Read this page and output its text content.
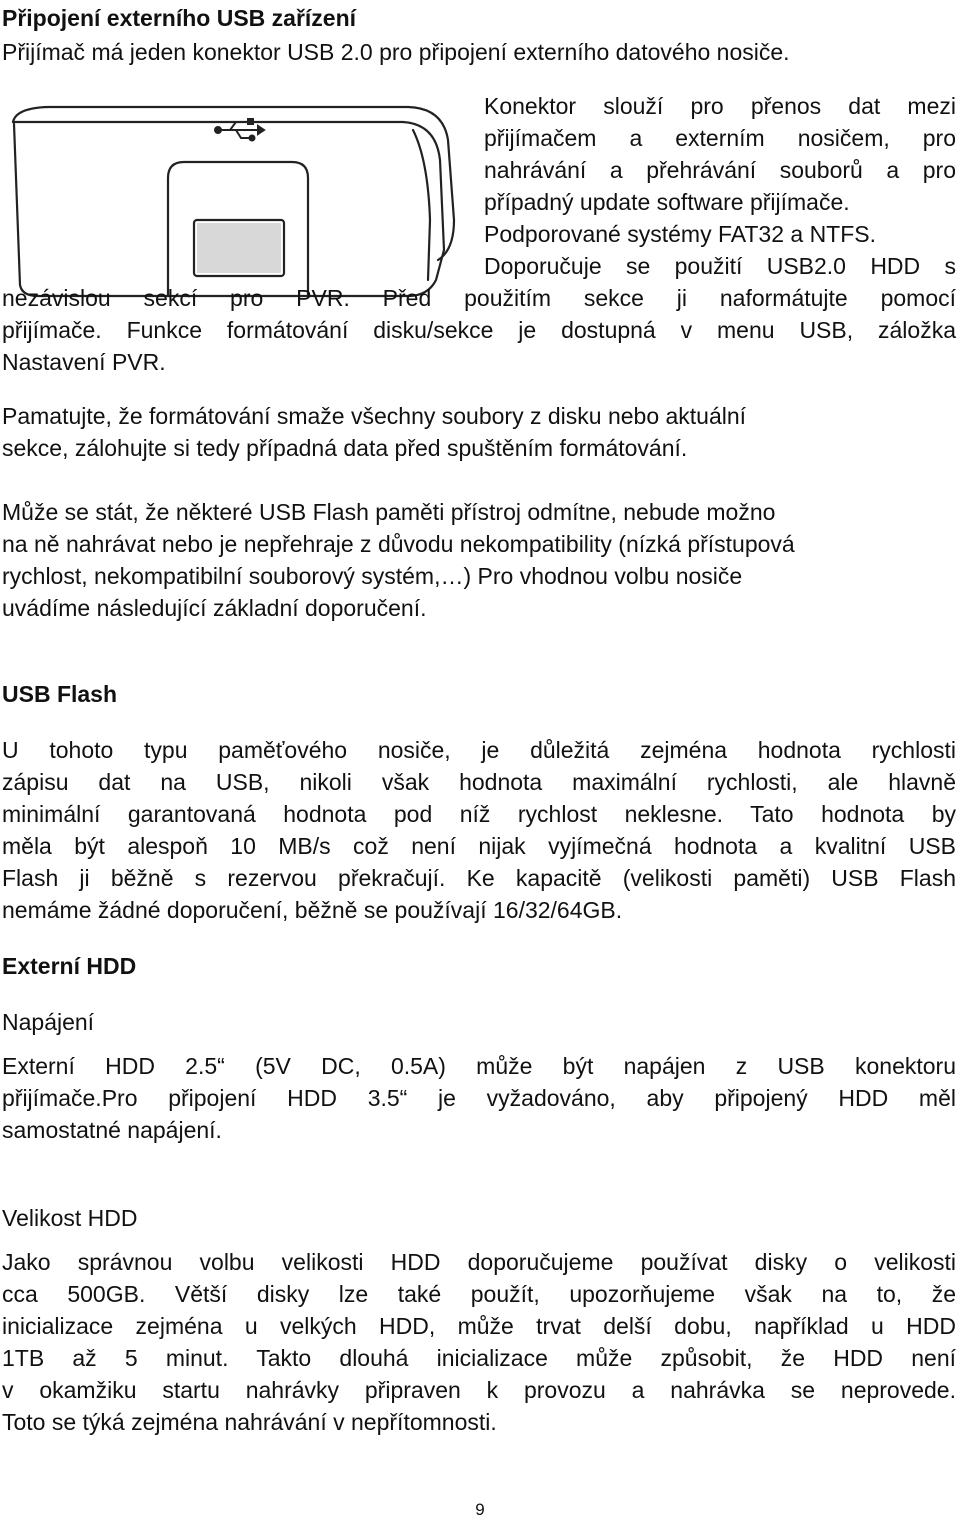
Připojení externího USB zařízení
Přijímač má jeden konektor USB 2.0 pro připojení externího datového nosiče.
Konektor slouží pro přenos dat mezi
přijímačem a externím nosičem, pro
nahrávání a přehrávání souborů a pro
případný update software přijímače.
Podporované systémy FAT32 a NTFS.
Doporučuje se použití USB2.0 HDD s
nezávislou sekcí pro PVR. Před použitím sekce ji naformátujte pomocí
přijímače. Funkce formátování disku/sekce je dostupná v menu USB, záložka
Nastavení PVR.
Pamatujte, že formátování smaže všechny soubory z disku nebo aktuální
sekce, zálohujte si tedy případná data před spuštěním formátování.
Může se stát, že některé USB Flash paměti přístroj odmítne, nebude možno
na ně nahrávat nebo je nepřehraje z důvodu nekompatibility (nízká přístupová
rychlost, nekompatibilní souborový systém,…) Pro vhodnou volbu nosiče
uvádíme následující základní doporučení.
USB Flash
U tohoto typu paměťového nosiče, je důležitá zejména hodnota rychlosti
zápisu dat na USB, nikoli však hodnota maximální rychlosti, ale hlavně
minimální garantovaná hodnota pod níž rychlost neklesne. Tato hodnota by
měla být alespoň 10 MB/s což není nijak vyjímečná hodnota a kvalitní USB
Flash ji běžně s rezervou překračují. Ke kapacitě (velikosti paměti) USB Flash
nemáme žádné doporučení, běžně se používají 16/32/64GB.
Externí HDD
Napájení
Externí HDD 2.5“ (5V DC, 0.5A) může být napájen z USB konektoru
přijímače.Pro připojení HDD 3.5“ je vyžadováno, aby připojený HDD měl
samostatné napájení.
Velikost HDD
Jako správnou volbu velikosti HDD doporučujeme používat disky o velikosti
cca 500GB. Větší disky lze také použít, upozorňujeme však na to, že
inicializace zejména u velkých HDD, může trvat delší dobu, například u HDD
1TB až 5 minut. Takto dlouhá inicializace může způsobit, že HDD není
v okamžiku startu nahrávky připraven k provozu a nahrávka se neprovede.
Toto se týká zejména nahrávání v nepřítomnosti.
9
